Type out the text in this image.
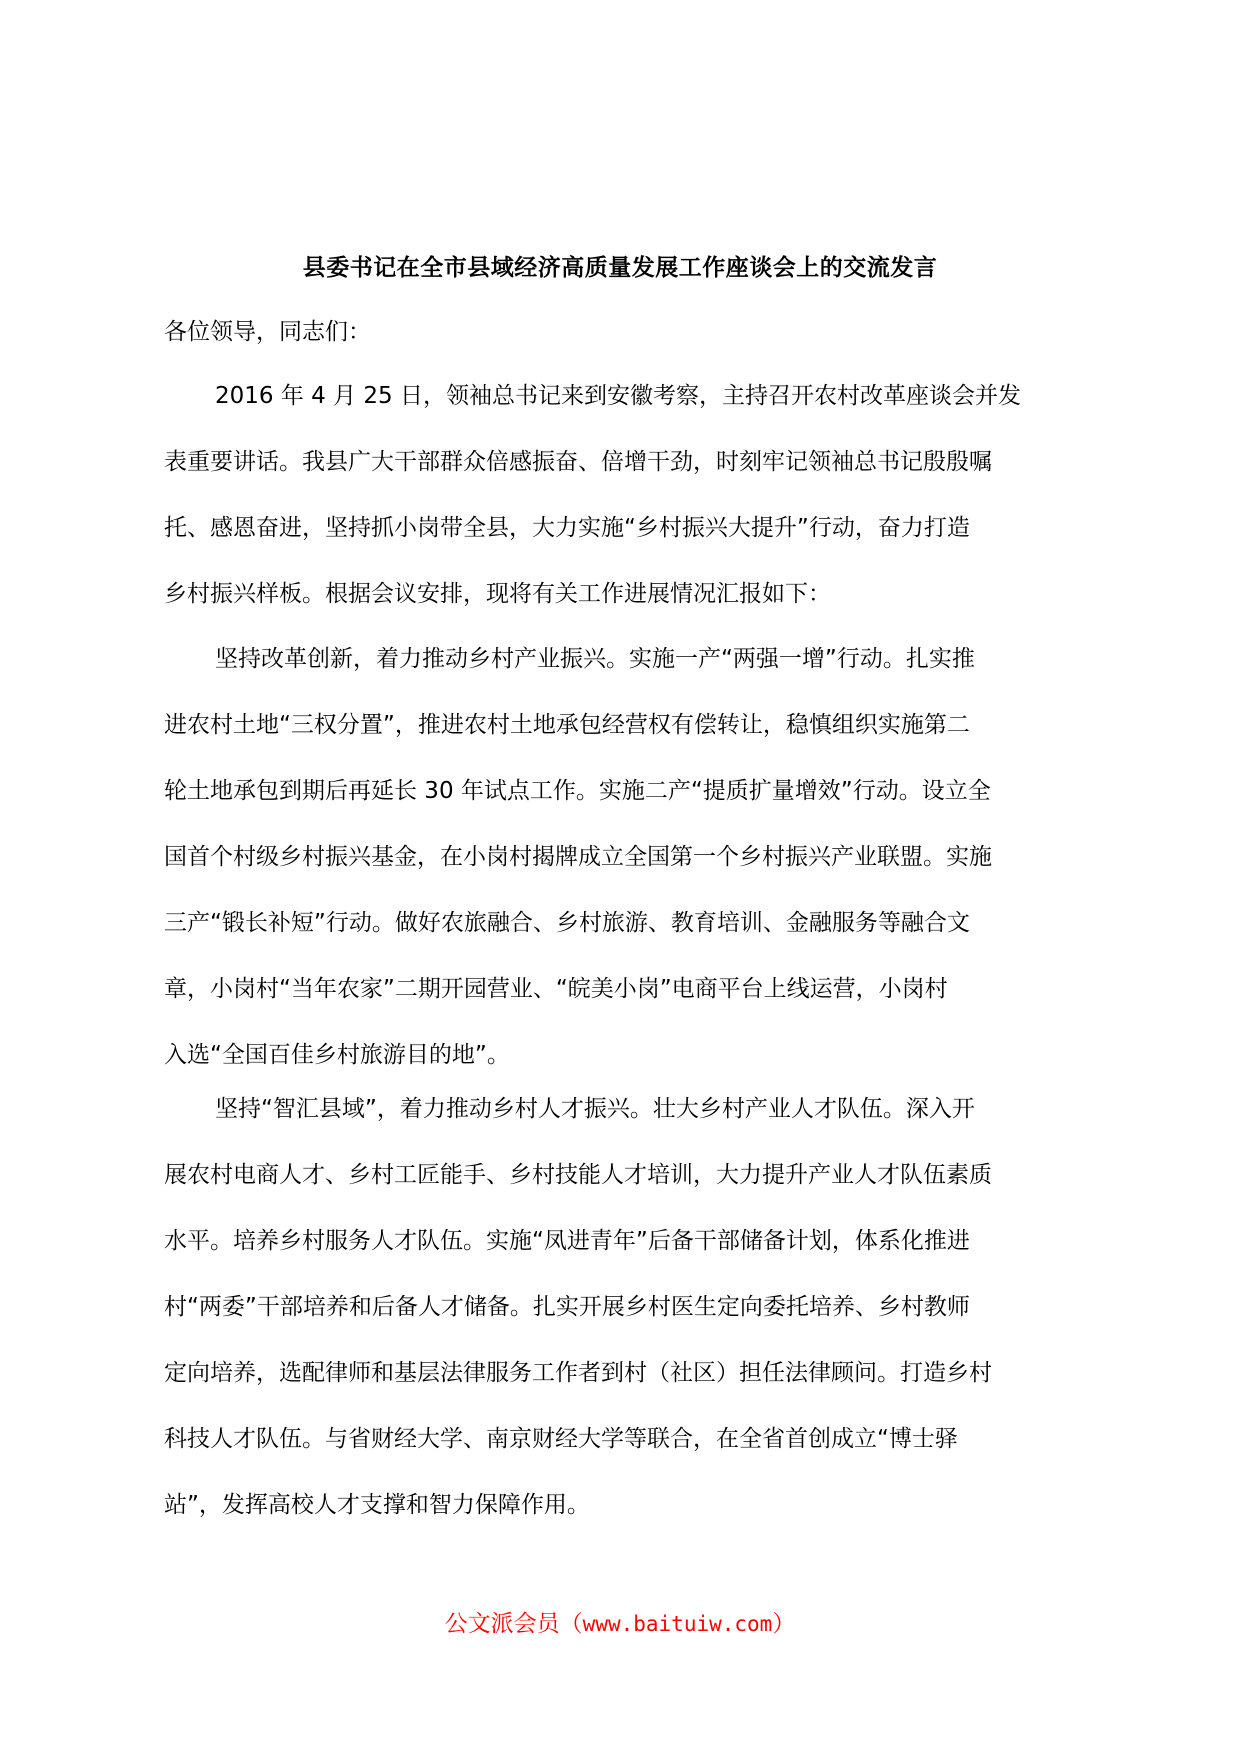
县委书记在全市县域经济高质量发展工作座谈会上的交流发言
各位领导，同志们：
2016 年 4 月 25 日，领袖总书记来到安徽考察，主持召开农村改革座谈会并发
表重要讲话。我县广大干部群众倍感振奋、倍增干劲，时刻牢记领袖总书记殷殷嘱
托、感恩奋进，坚持抓小岗带全县，大力实施“乡村振兴大提升”行动，奋力打造
乡村振兴样板。根据会议安排，现将有关工作进展情况汇报如下：
坚持改革创新，着力推动乡村产业振兴。实施一产“两强一增”行动。扎实推
进农村土地“三权分置”，推进农村土地承包经营权有偿转让，稳慎组织实施第二
轮土地承包到期后再延长 30 年试点工作。实施二产“提质扩量增效”行动。设立全
国首个村级乡村振兴基金，在小岗村揭牌成立全国第一个乡村振兴产业联盟。实施
三产“锻长补短”行动。做好农旅融合、乡村旅游、教育培训、金融服务等融合文
章，小岗村“当年农家”二期开园营业、“皖美小岗”电商平台上线运营，小岗村
入选“全国百佳乡村旅游目的地”。
坚持“智汇县域”，着力推动乡村人才振兴。壮大乡村产业人才队伍。深入开
展农村电商人才、乡村工匠能手、乡村技能人才培训，大力提升产业人才队伍素质
水平。培养乡村服务人才队伍。实施“凤进青年”后备干部储备计划，体系化推进
村“两委”干部培养和后备人才储备。扎实开展乡村医生定向委托培养、乡村教师
定向培养，选配律师和基层法律服务工作者到村（社区）担任法律顾问。打造乡村
科技人才队伍。与省财经大学、南京财经大学等联合，在全省首创成立“博士驿
站”，发挥高校人才支撑和智力保障作用。
公文派会员（www.baituiw.com）
